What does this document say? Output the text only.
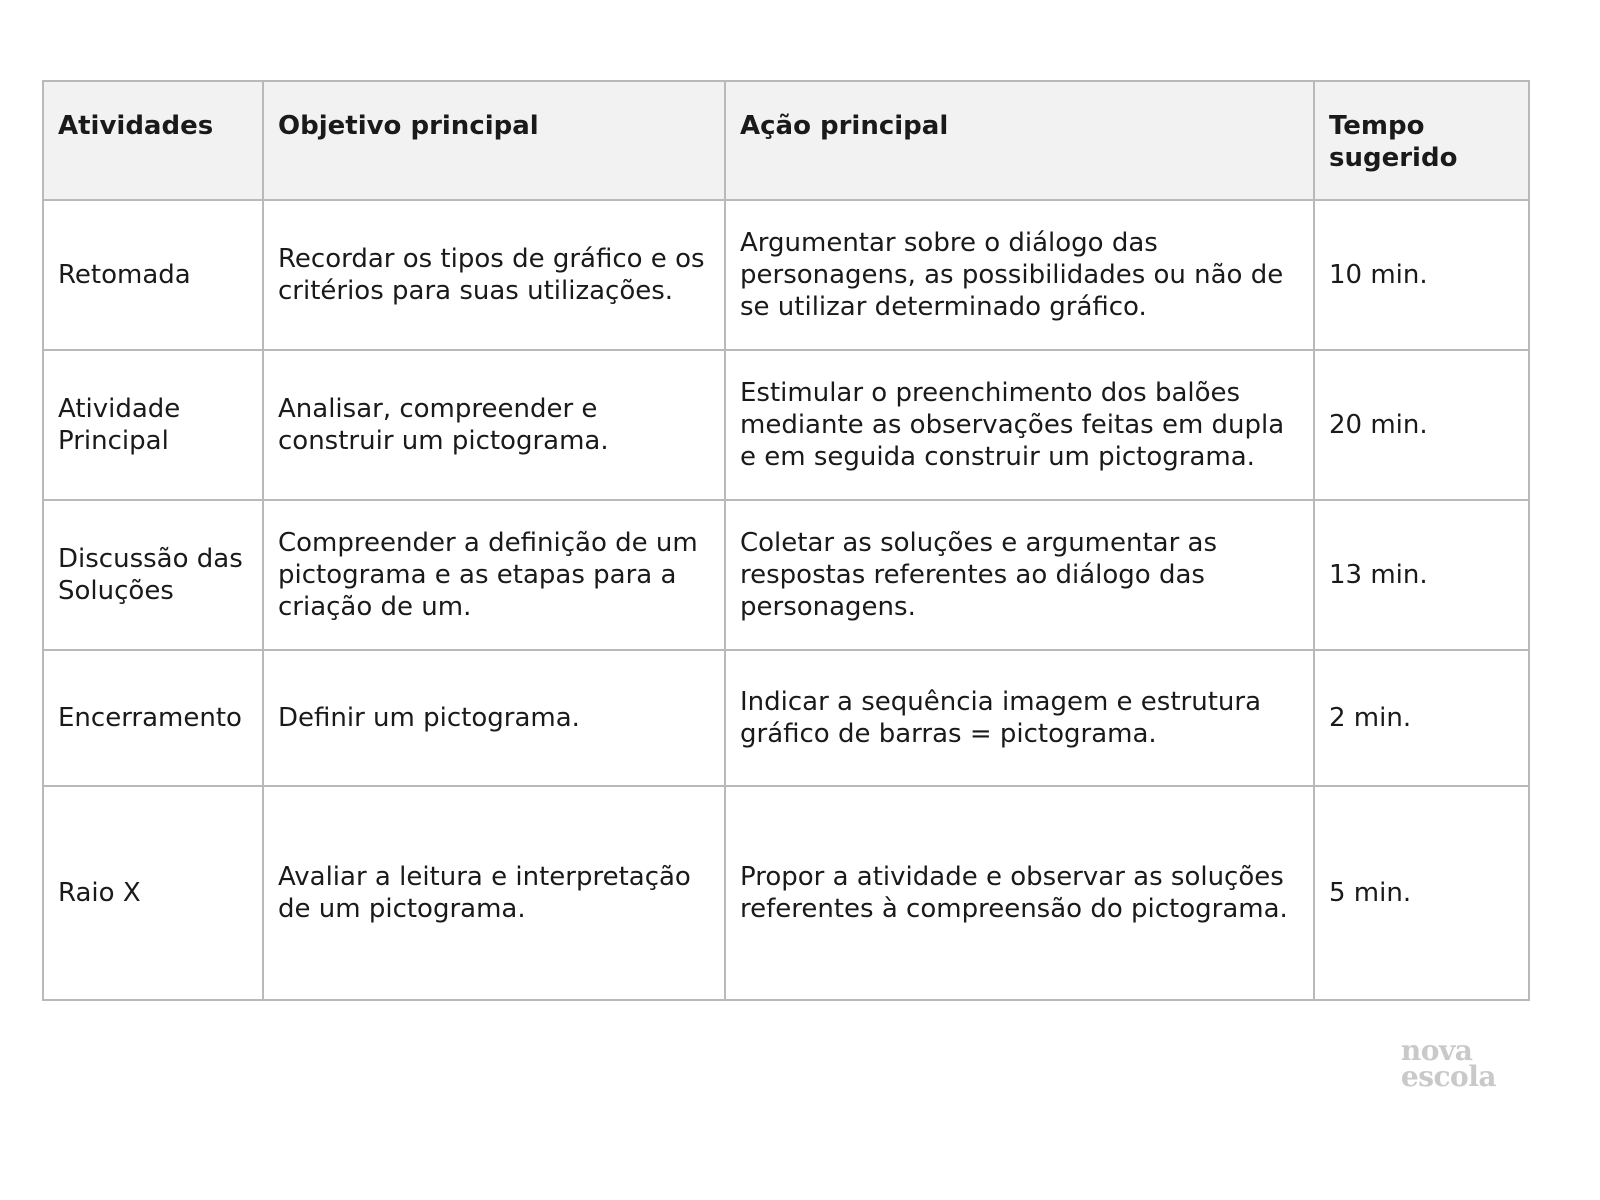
Atividades	Objetivo principal	Ação principal	Tempo sugerido
Retomada	Recordar os tipos de gráfico e os critérios para suas utilizações.	Argumentar sobre o diálogo das personagens, as possibilidades ou não de se utilizar determinado gráfico.	10 min.
Atividade Principal	Analisar, compreender e construir um pictograma.	Estimular o preenchimento dos balões mediante as observações feitas em dupla e em seguida construir um pictograma.	20 min.
Discussão das Soluções	Compreender a definição de um pictograma e as etapas para a criação de um.	Coletar as soluções e argumentar as respostas referentes ao diálogo das personagens.	13 min.
Encerramento	Definir um pictograma.	Indicar a sequência imagem e estrutura gráfico de barras = pictograma.	2 min.
Raio X	Avaliar a leitura e interpretação de um pictograma.	Propor a atividade e observar as soluções referentes à compreensão do pictograma.	5 min.
nova
escola
